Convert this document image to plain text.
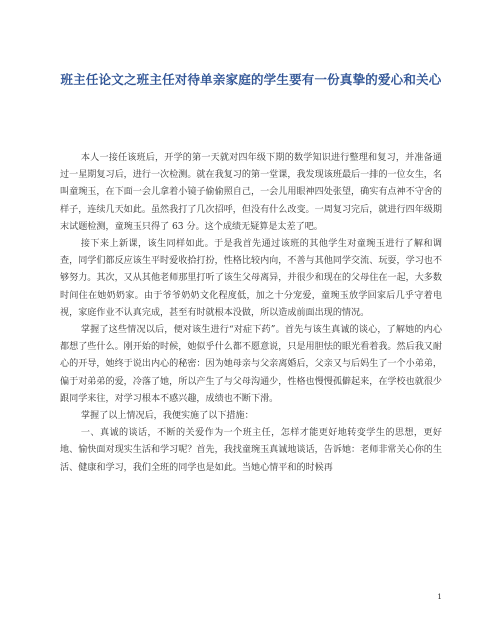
班主任论文之班主任对待单亲家庭的学生要有一份真挚的爱心和关心

本人一接任该班后，开学的第一天就对四年级下期的数学知识进行整理和复习，并准备通过一星期复习后，进行一次检测。就在我复习的第一堂课，我发现该班最后一排的一位女生，名叫童琬玉，在下面一会儿拿着小镜子偷偷照自己，一会儿用眼神四处张望，确实有点神不守舍的样子，连续几天如此。虽然我打了几次招呼，但没有什么改变。一周复习完后，就进行四年级期末试题检测，童琬玉只得了 63 分。这个成绩无疑算是太差了吧。

接下来上新课，该生同样如此。于是我首先通过该班的其他学生对童琬玉进行了解和调查，同学们都反应该生平时爱收拾打扮，性格比较内向，不善与其他同学交流、玩耍，学习也不够努力。其次，又从其他老师那里打听了该生父母离异，并很少和现在的父母住在一起，大多数时间住在她奶奶家。由于爷爷奶奶文化程度低，加之十分宠爱，童琬玉放学回家后几乎守着电视，家庭作业不认真完成，甚至有时就根本没做，所以造成前面出现的情况。

掌握了这些情况以后，便对该生进行“对症下药”。首先与该生真诚的谈心，了解她的内心都想了些什么。刚开始的时候，她似乎什么都不愿意说，只是用胆怯的眼光看着我。然后我又耐心的开导，她终于说出内心的秘密：因为她母亲与父亲离婚后，父亲又与后妈生了一个小弟弟，偏于对弟弟的爱，冷落了她，所以产生了与父母沟通少，性格也慢慢孤僻起来，在学校也就很少跟同学来往，对学习根本不感兴趣，成绩也不断下滑。

掌握了以上情况后，我便实施了以下措施：

一、真诚的谈话，不断的关爱作为一个班主任，怎样才能更好地转变学生的思想，更好地、愉快面对现实生活和学习呢？首先，我找童琬玉真诚地谈话，告诉她：老师非常关心你的生活、健康和学习，我们全班的同学也是如此。当她心情平和的时候再

1
